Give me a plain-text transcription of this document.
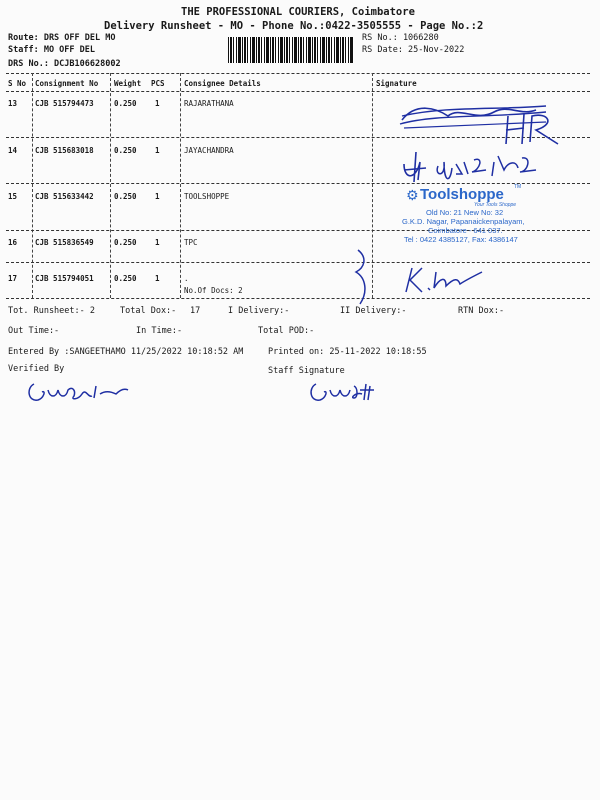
THE PROFESSIONAL COURIERS, Coimbatore
Delivery Runsheet - MO - Phone No.:0422-3505555 - Page No.:2
Route: DRS OFF DEL MO
Staff: MO OFF DEL
DRS No.: DCJB106628002
RS No.: 1066280
RS Date: 25-Nov-2022
S No Consignment No Weight PCS	Consignee Details	Signature
13 CJB 515794473	0.250 1	RAJARATHANA
14 CJB 515683018	0.250 1	JAYACHANDRA
15 CJB 515633442	0.250 1	TOOLSHOPPE
16 CJB 515836549	0.250 1	TPC
17 CJB 515794051	0.250 1	.
No.Of Docs: 2
Tot. Runsheet:- 2	Total Dox:- 17	I Delivery:-	II Delivery:-	RTN Dox:-
Out Time:-	In Time:-	Total POD:-
Entered By :SANGEETHAMO 11/25/2022 10:18:52 AM	Printed on: 25-11-2022 10:18:55
Verified By	Staff Signature
Toolshoppe
⚙	TM
Your Tools Shoppe
Old No: 21 New No: 32
G.K.D. Nagar, Papanaickenpalayam,
Coimbatore - 641 037.
Tel : 0422 4385127, Fax: 4386147
